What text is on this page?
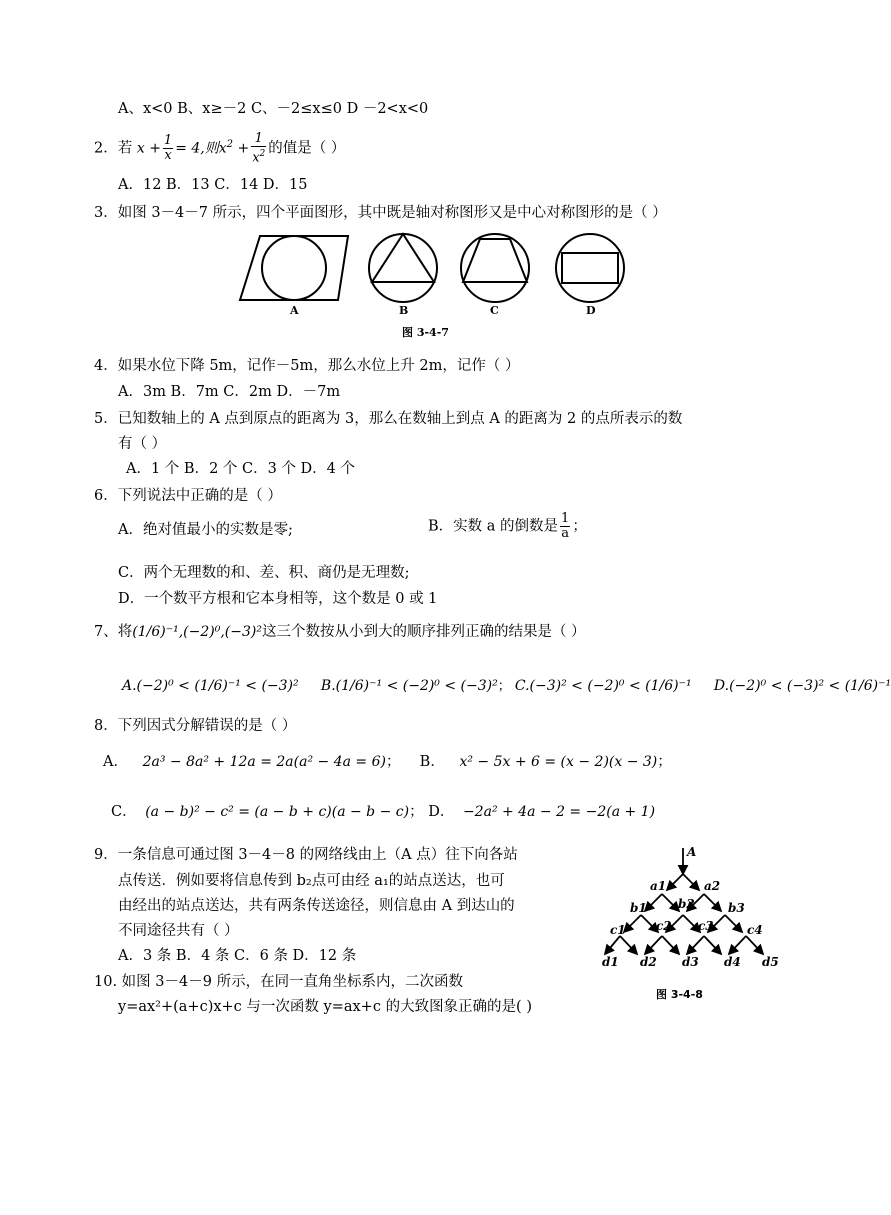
A、x<0 B、x≥－2 C、－2≤x≤0 D －2<x<0
2．若 $x + \frac{1}{x} = 4$,则$x^2 + \frac{1}{x^2}$ 的值是（ ）
A．12 B．13 C．14 D．15
3．如图 3－4－7 所示，四个平面图形，其中既是轴对称图形又是中心对称图形的是（ ）
A	B	C	D
图 3-4-7
4．如果水位下降 5m，记作－5m，那么水位上升 2m，记作（ ）
A．3m B．7m C．2m D．－7m
5．已知数轴上的 A 点到原点的距离为 3，那么在数轴上到点 A 的距离为 2 的点所表示的数
有（ ）
A．1 个 B．2 个 C．3 个 D．4 个
6．下列说法中正确的是（ ）
A．绝对值最小的实数是零;	B．实数 a 的倒数是 $\frac{1}{a}$ ；
C．两个无理数的和、差、积、商仍是无理数;
D．一个数平方根和它本身相等，这个数是 0 或 1
7、将(1/6)⁻¹,(−2)⁰,(−3)²这三个数按从小到大的顺序排列正确的结果是（ ）
A.(−2)⁰ < (1/6)⁻¹ < (−3)² B.(1/6)⁻¹ < (−2)⁰ < (−3)²； C.(−3)² < (−2)⁰ < (1/6)⁻¹ D.(−2)⁰ < (−3)² < (1/6)⁻¹
8．下列因式分解错误的是（ ）
A． 2a³ − 8a² + 12a = 2a(a² − 4a = 6)； B． x² − 5x + 6 = (x − 2)(x − 3)；
C． (a − b)² − c² = (a − b + c)(a − b − c)； D． −2a² + 4a − 2 = −2(a + 1)
9．一条信息可通过图 3－4－8 的网络线由上（A 点）往下向各站
点传送．例如要将信息传到 b₂点可由经 a₁的站点送达，也可
由经出的站点送达，共有两条传送途径，则信息由 A 到达山的
不同途径共有（ ）
A．3 条 B．4 条 C．6 条 D．12 条
A
a1	a2
b1	b2	b3
c1	c2 c3	c4
d1 d2 d3 d4 d5
图 3-4-8
10. 如图 3－4－9 所示，在同一直角坐标系内，二次函数
y=ax²+(a+c)x+c 与一次函数 y=ax+c 的大致图象正确的是( )
